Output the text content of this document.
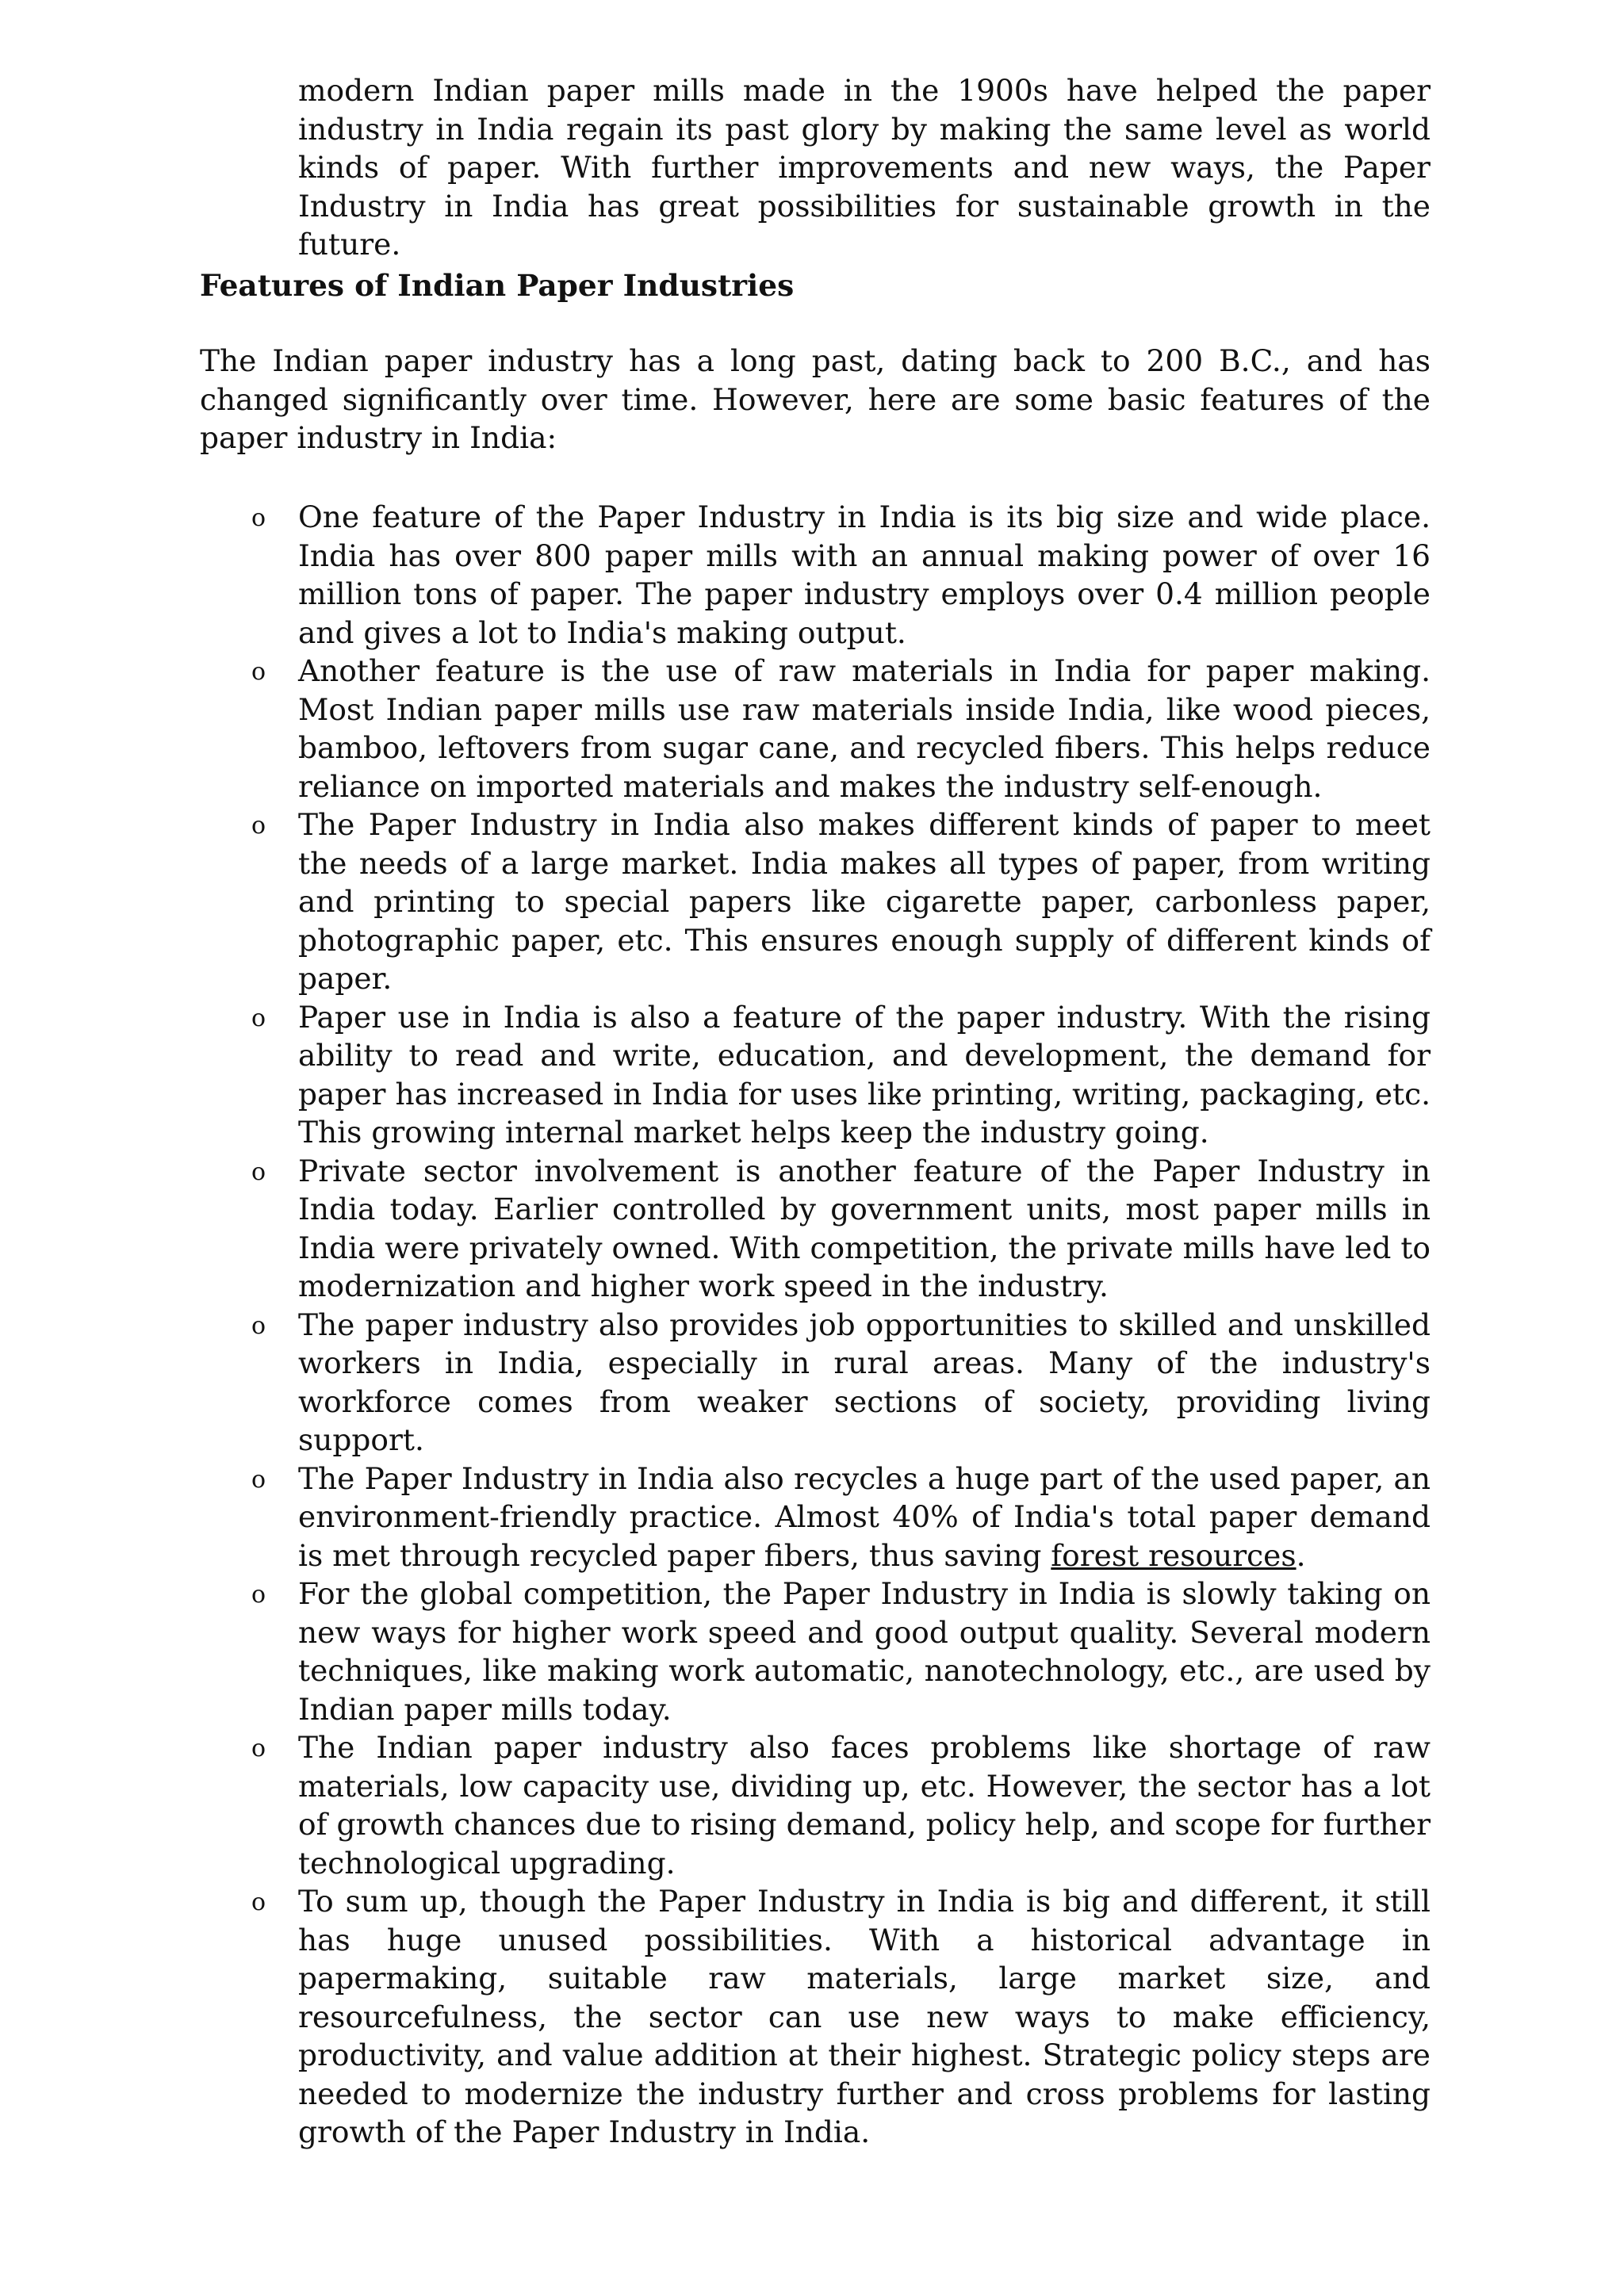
modern Indian paper mills made in the 1900s have helped the paper industry in India regain its past glory by making the same level as world kinds of paper. With further improvements and new ways, the Paper Industry in India has great possibilities for sustainable growth in the future.

Features of Indian Paper Industries

The Indian paper industry has a long past, dating back to 200 B.C., and has changed significantly over time. However, here are some basic features of the paper industry in India:

o One feature of the Paper Industry in India is its big size and wide place. India has over 800 paper mills with an annual making power of over 16 million tons of paper. The paper industry employs over 0.4 million people and gives a lot to India's making output.
o Another feature is the use of raw materials in India for paper making. Most Indian paper mills use raw materials inside India, like wood pieces, bamboo, leftovers from sugar cane, and recycled fibers. This helps reduce reliance on imported materials and makes the industry self-enough.
o The Paper Industry in India also makes different kinds of paper to meet the needs of a large market. India makes all types of paper, from writing and printing to special papers like cigarette paper, carbonless paper, photographic paper, etc. This ensures enough supply of different kinds of paper.
o Paper use in India is also a feature of the paper industry. With the rising ability to read and write, education, and development, the demand for paper has increased in India for uses like printing, writing, packaging, etc. This growing internal market helps keep the industry going.
o Private sector involvement is another feature of the Paper Industry in India today. Earlier controlled by government units, most paper mills in India were privately owned. With competition, the private mills have led to modernization and higher work speed in the industry.
o The paper industry also provides job opportunities to skilled and unskilled workers in India, especially in rural areas. Many of the industry's workforce comes from weaker sections of society, providing living support.
o The Paper Industry in India also recycles a huge part of the used paper, an environment-friendly practice. Almost 40% of India's total paper demand is met through recycled paper fibers, thus saving forest resources.
o For the global competition, the Paper Industry in India is slowly taking on new ways for higher work speed and good output quality. Several modern techniques, like making work automatic, nanotechnology, etc., are used by Indian paper mills today.
o The Indian paper industry also faces problems like shortage of raw materials, low capacity use, dividing up, etc. However, the sector has a lot of growth chances due to rising demand, policy help, and scope for further technological upgrading.
o To sum up, though the Paper Industry in India is big and different, it still has huge unused possibilities. With a historical advantage in papermaking, suitable raw materials, large market size, and resourcefulness, the sector can use new ways to make efficiency, productivity, and value addition at their highest. Strategic policy steps are needed to modernize the industry further and cross problems for lasting growth of the Paper Industry in India.
